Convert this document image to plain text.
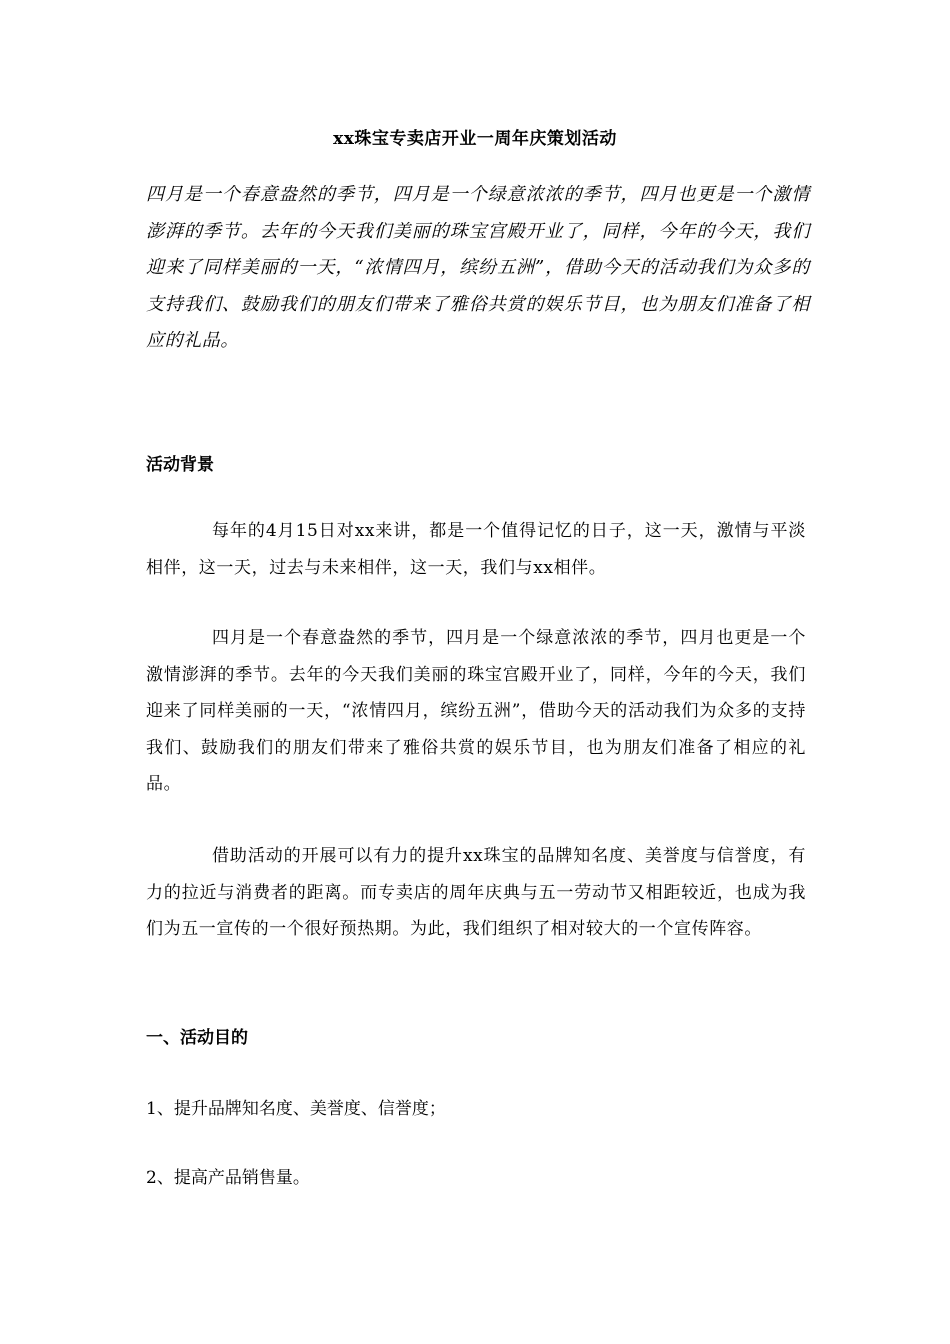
xx珠宝专卖店开业一周年庆策划活动
四月是一个春意盎然的季节，四月是一个绿意浓浓的季节，四月也更是一个激情澎湃的季节。去年的今天我们美丽的珠宝宫殿开业了，同样，今年的今天，我们迎来了同样美丽的一天，“浓情四月，缤纷五洲”，借助今天的活动我们为众多的支持我们、鼓励我们的朋友们带来了雅俗共赏的娱乐节目，也为朋友们准备了相应的礼品。
活动背景
每年的4月15日对xx来讲，都是一个值得记忆的日子，这一天，激情与平淡相伴，这一天，过去与未来相伴，这一天，我们与xx相伴。
四月是一个春意盎然的季节，四月是一个绿意浓浓的季节，四月也更是一个激情澎湃的季节。去年的今天我们美丽的珠宝宫殿开业了，同样，今年的今天，我们迎来了同样美丽的一天，“浓情四月，缤纷五洲”，借助今天的活动我们为众多的支持我们、鼓励我们的朋友们带来了雅俗共赏的娱乐节目，也为朋友们准备了相应的礼品。
借助活动的开展可以有力的提升xx珠宝的品牌知名度、美誉度与信誉度，有力的拉近与消费者的距离。而专卖店的周年庆典与五一劳动节又相距较近，也成为我们为五一宣传的一个很好预热期。为此，我们组织了相对较大的一个宣传阵容。
一、活动目的
1、提升品牌知名度、美誉度、信誉度；
2、提高产品销售量。
